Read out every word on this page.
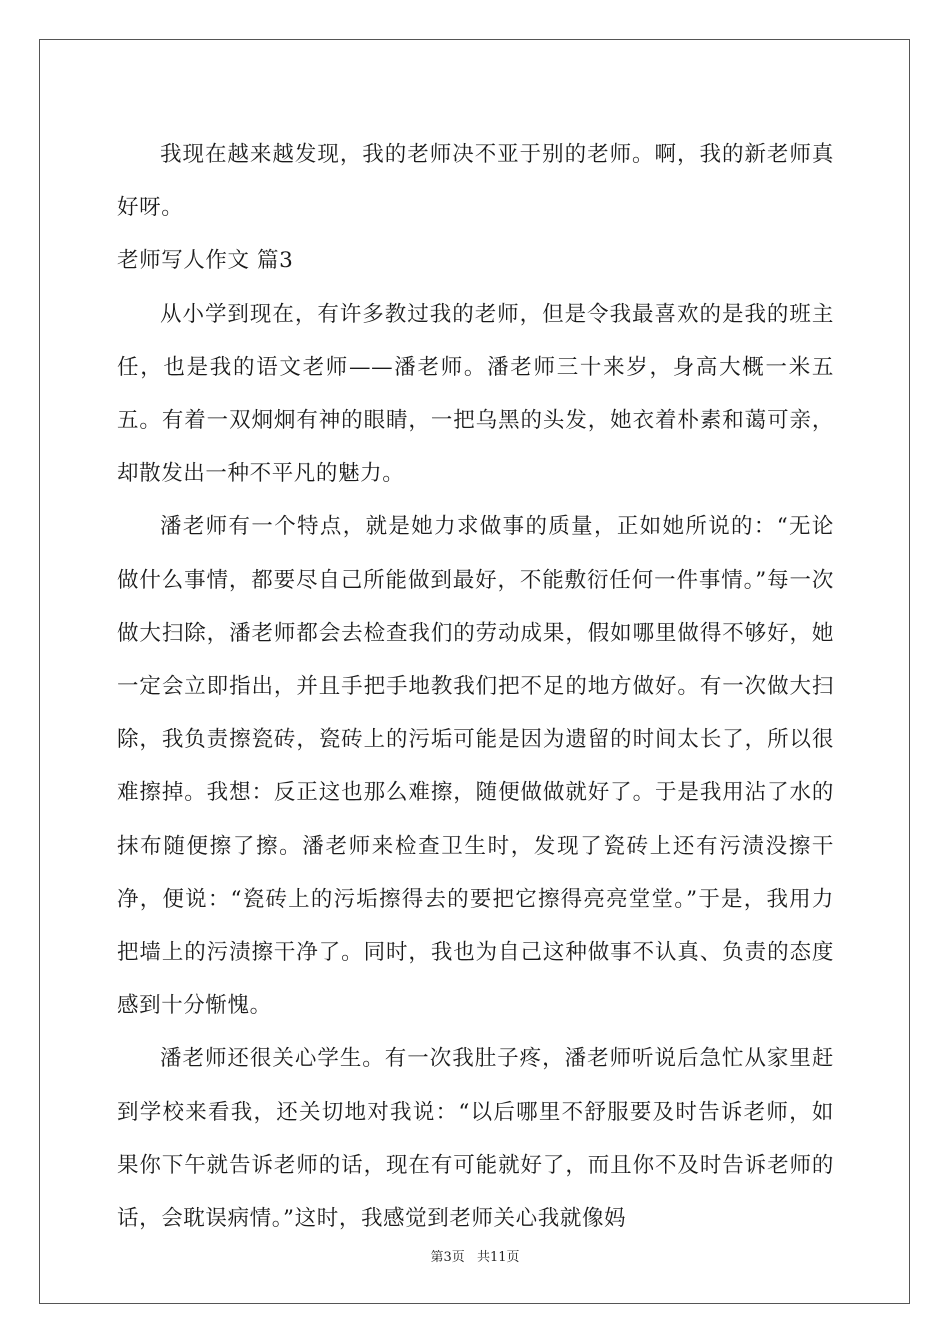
我现在越来越发现，我的老师决不亚于别的老师。啊，我的新老师真好呀。

老师写人作文 篇3

从小学到现在，有许多教过我的老师，但是令我最喜欢的是我的班主任，也是我的语文老师——潘老师。潘老师三十来岁，身高大概一米五五。有着一双炯炯有神的眼睛，一把乌黑的头发，她衣着朴素和蔼可亲，却散发出一种不平凡的魅力。

潘老师有一个特点，就是她力求做事的质量，正如她所说的：“无论做什么事情，都要尽自己所能做到最好，不能敷衍任何一件事情。”每一次做大扫除，潘老师都会去检查我们的劳动成果，假如哪里做得不够好，她一定会立即指出，并且手把手地教我们把不足的地方做好。有一次做大扫除，我负责擦瓷砖，瓷砖上的污垢可能是因为遗留的时间太长了，所以很难擦掉。我想：反正这也那么难擦，随便做做就好了。于是我用沾了水的抹布随便擦了擦。潘老师来检查卫生时，发现了瓷砖上还有污渍没擦干净，便说：“瓷砖上的污垢擦得去的要把它擦得亮亮堂堂。”于是，我用力把墙上的污渍擦干净了。同时，我也为自己这种做事不认真、负责的态度感到十分惭愧。

潘老师还很关心学生。有一次我肚子疼，潘老师听说后急忙从家里赶到学校来看我，还关切地对我说：“以后哪里不舒服要及时告诉老师，如果你下午就告诉老师的话，现在有可能就好了，而且你不及时告诉老师的话，会耽误病情。”这时，我感觉到老师关心我就像妈

第3页 共11页
